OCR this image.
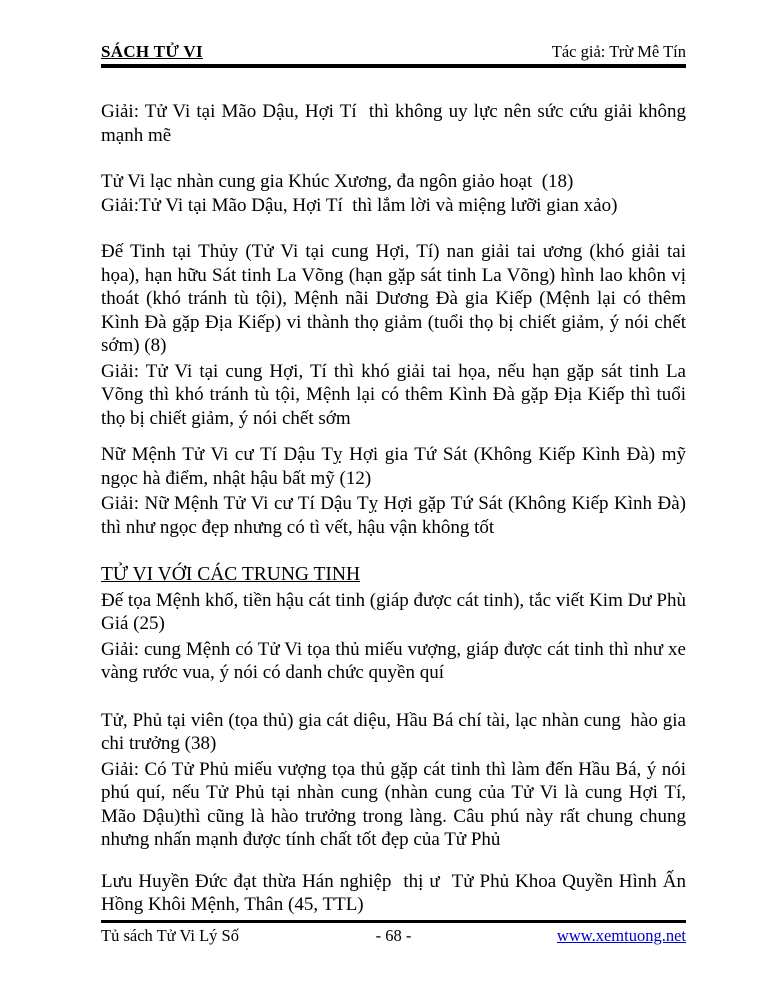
SÁCH TỬ VI	Tác giả: Trừ Mê Tín

Giải: Tử Vi tại Mão Dậu, Hợi Tí  thì không uy lực nên sức cứu giải không mạnh mẽ

Tử Vi lạc nhàn cung gia Khúc Xương, đa ngôn giảo hoạt  (18)

Giải:Tử Vi tại Mão Dậu, Hợi Tí  thì lắm lời và miệng lưỡi gian xảo)

Đế Tinh tại Thủy (Tử Vi tại cung Hợi, Tí) nan giải tai ương (khó giải tai họa), hạn hữu Sát tinh La Võng (hạn gặp sát tinh La Võng) hình lao khôn vị thoát (khó tránh tù tội), Mệnh nãi Dương Đà gia Kiếp (Mệnh lại có thêm Kình Đà gặp Địa Kiếp) vi thành thọ giảm (tuổi thọ bị chiết giảm, ý nói chết sớm) (8)

Giải: Tử Vi tại cung Hợi, Tí thì khó giải tai họa, nếu hạn gặp sát tinh La Võng thì khó tránh tù tội, Mệnh lại có thêm Kình Đà gặp Địa Kiếp thì tuổi thọ bị chiết giảm, ý nói chết sớm

Nữ Mệnh Tử Vi cư Tí Dậu Tỵ Hợi gia Tứ Sát (Không Kiếp Kình Đà) mỹ ngọc hà điểm, nhật hậu bất mỹ (12)

Giải: Nữ Mệnh Tử Vi cư Tí Dậu Tỵ Hợi gặp Tứ Sát (Không Kiếp Kình Đà) thì như ngọc đẹp nhưng có tì vết, hậu vận không tốt

TỬ VI VỚI CÁC TRUNG TINH

Đế tọa Mệnh khố, tiền hậu cát tinh (giáp được cát tinh), tắc viết Kim Dư Phù Giá (25)

Giải: cung Mệnh có Tử Vi tọa thủ miếu vượng, giáp được cát tinh thì như xe vàng rước vua, ý nói có danh chức quyền quí

Tử, Phủ tại viên (tọa thủ) gia cát diệu, Hầu Bá chí tài, lạc nhàn cung  hào gia chi trưởng (38)

Giải: Có Tử Phủ miếu vượng tọa thủ gặp cát tinh thì làm đến Hầu Bá, ý nói phú quí, nếu Tử Phủ tại nhàn cung (nhàn cung của Tử Vi là cung Hợi Tí, Mão Dậu)thì cũng là hào trưởng trong làng. Câu phú này rất chung chung nhưng nhấn mạnh được tính chất tốt đẹp của Tử Phủ

Lưu Huyền Đức đạt thừa Hán nghiệp  thị ư  Tử Phủ Khoa Quyền Hình Ấn Hồng Khôi Mệnh, Thân (45, TTL)

Tủ sách Tử Vi Lý Số	- 68 -	www.xemtuong.net
